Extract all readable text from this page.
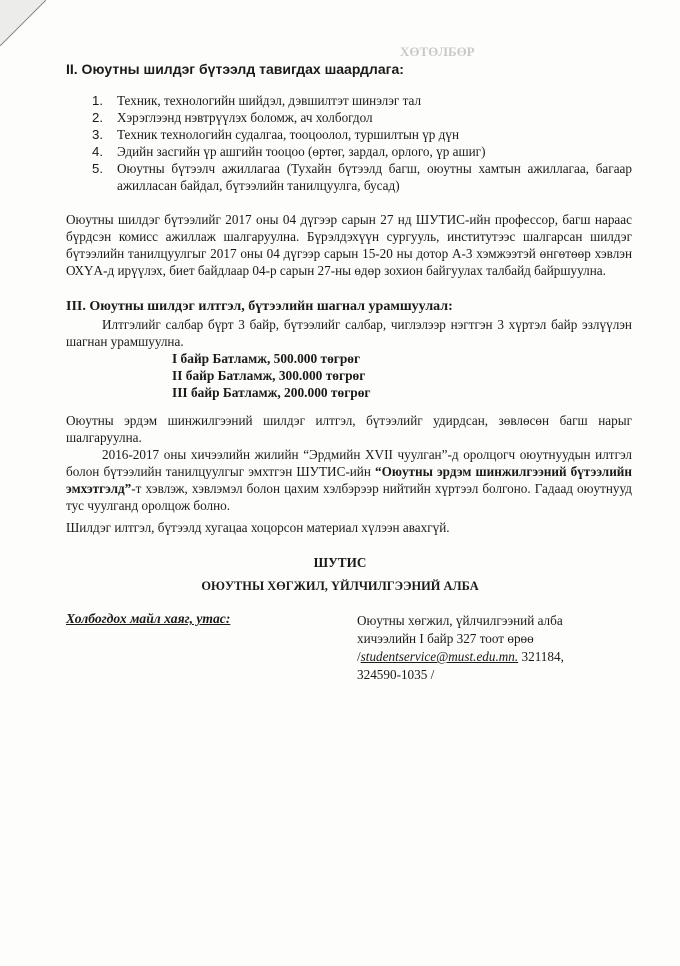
ХӨТӨЛБӨР
II. Оюутны шилдэг бүтээлд тавигдах шаардлага:
1.	Техник, технологийн шийдэл, дэвшилтэт шинэлэг тал
2.	Хэрэглээнд нэвтрүүлэх боломж, ач холбогдол
3.	Техник технологийн судалгаа, тооцоолол, туршилтын үр дүн
4.	Эдийн засгийн үр ашгийн тооцоо (өртөг, зардал, орлого, үр ашиг)
5.	Оюутны бүтээлч ажиллагаа (Тухайн бүтээлд багш, оюутны хамтын ажиллагаа, багаар ажилласан байдал, бүтээлийн танилцуулга, бусад)

Оюутны шилдэг бүтээлийг 2017 оны 04 дүгээр сарын 27 нд ШУТИС-ийн профессор, багш нараас бүрдсэн комисс ажиллаж шалгаруулна. Бүрэлдэхүүн сургууль, институтээс шалгарсан шилдэг бүтээлийн танилцуулгыг 2017 оны 04 дүгээр сарын 15-20 ны дотор А-3 хэмжээтэй өнгөтөөр хэвлэн ОХҮА-д ирүүлэх, биет байдлаар 04-р сарын 27-ны өдөр зохион байгуулах талбайд байршуулна.

III. Оюутны шилдэг илтгэл, бүтээлийн шагнал урамшуулал:

Илтгэлийг салбар бүрт 3 байр, бүтээлийг салбар, чиглэлээр нэгтгэн 3 хүртэл байр эзлүүлэн шагнан урамшуулна.

I байр Батламж, 500.000 төгрөг
II байр Батламж, 300.000 төгрөг
III байр Батламж, 200.000 төгрөг

Оюутны эрдэм шинжилгээний шилдэг илтгэл, бүтээлийг удирдсан, зөвлөсөн багш нарыг шалгаруулна.

2016-2017 оны хичээлийн жилийн “Эрдмийн XVII чуулган”-д оролцогч оюутнуудын илтгэл болон бүтээлийн танилцуулгыг эмхтгэн ШУТИС-ийн “Оюутны эрдэм шинжилгээний бүтээлийн эмхэтгэлд”-т хэвлэж, хэвлэмэл болон цахим хэлбэрээр нийтийн хүртээл болгоно. Гадаад оюутнууд тус чуулганд оролцож болно.

Шилдэг илтгэл, бүтээлд хугацаа хоцорсон материал хүлээн авахгүй.

ШУТИС
ОЮУТНЫ ХӨГЖИЛ, ҮЙЛЧИЛГЭЭНИЙ АЛБА
Холбогдох майл хаяг, утас:	Оюутны хөгжил, үйлчилгээний алба
хичээлийн I байр 327 тоот өрөө
/studentservice@must.edu.mn. 321184,
324590-1035 /
